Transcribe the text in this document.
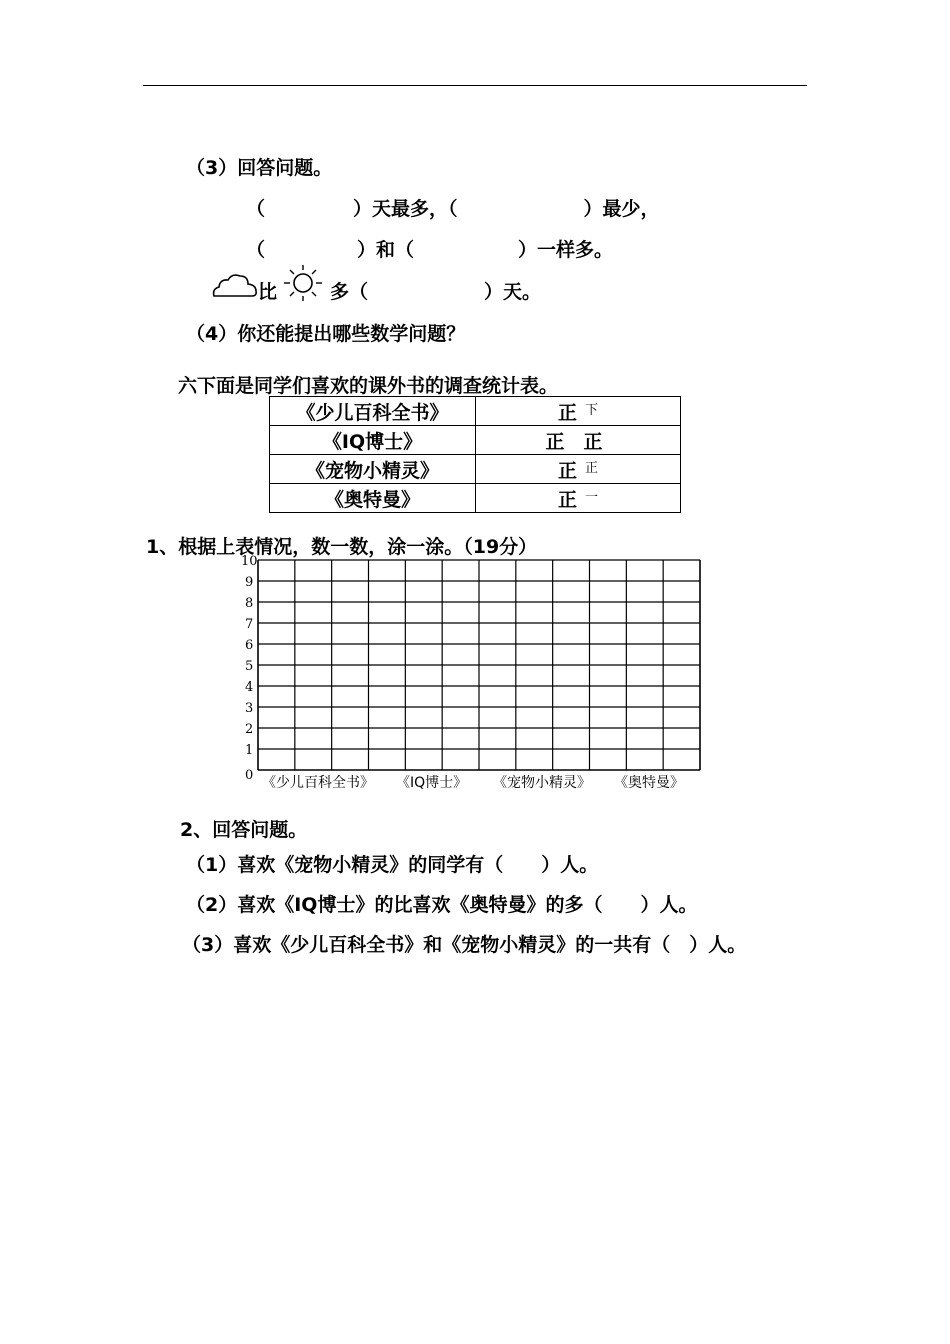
（3）回答问题。
（	）天最多，（	）最少，
（	）和（	）一样多。
比	多（	）天。
（4）你还能提出哪些数学问题？
六下面是同学们喜欢的课外书的调查统计表。
《少儿百科全书》	正 $^下$
《IQ博士》	正　正
《宠物小精灵》	正 $^正$
《奥特曼》	正 $^一$
1、根据上表情况，数一数，涂一涂。（19分）
0
1
2
3
4
5
6
7
8
9
10
《少儿百科全书》 《IQ博士》 《宠物小精灵》 《奥特曼》
2、回答问题。
（1）喜欢《宠物小精灵》的同学有（　　）人。
（2）喜欢《IQ博士》的比喜欢《奥特曼》的多（　　）人。
（3）喜欢《少儿百科全书》和《宠物小精灵》的一共有（　）人。
